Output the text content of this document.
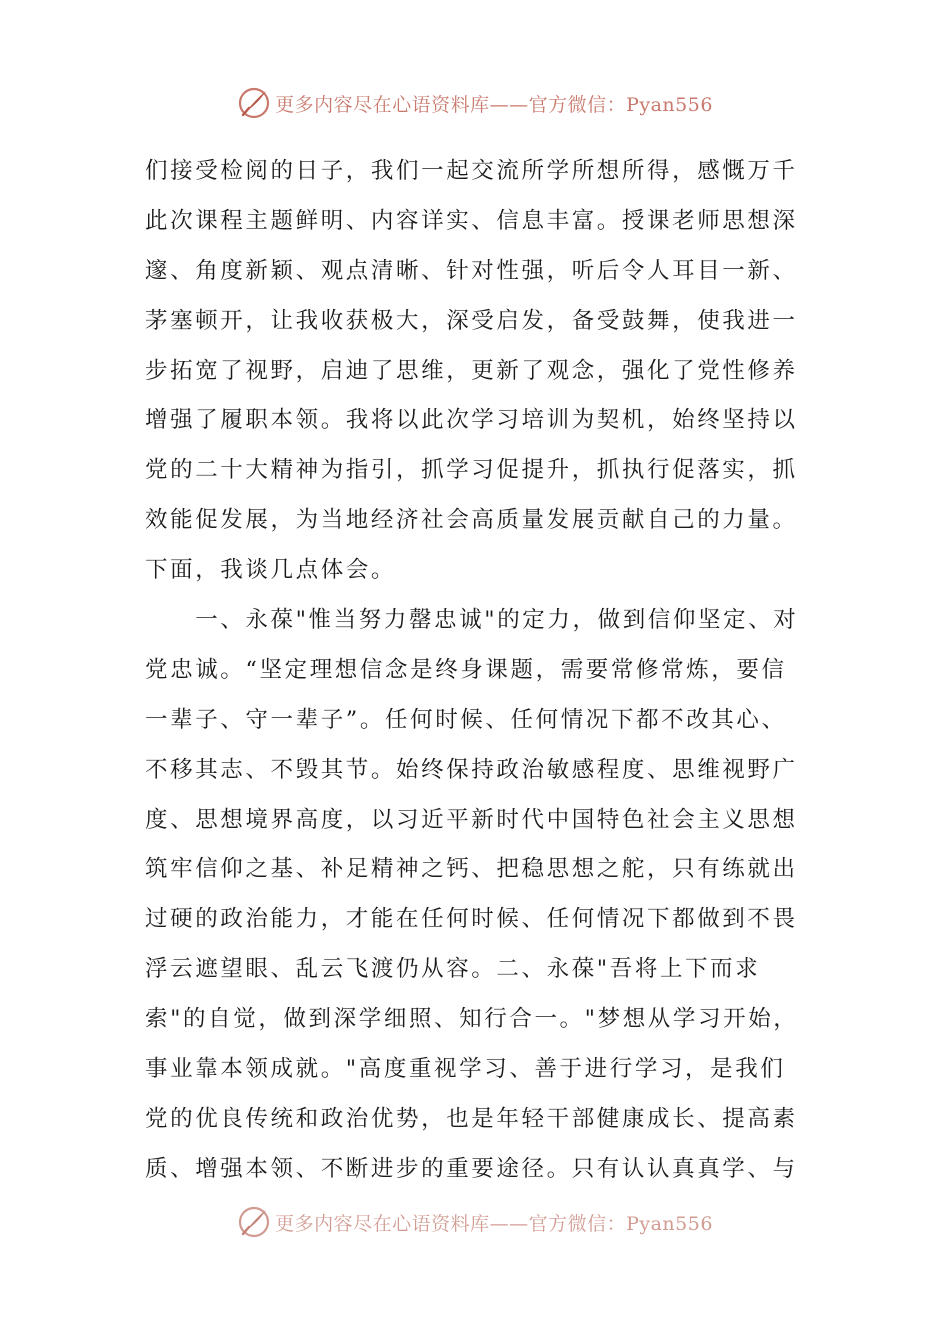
更多内容尽在心语资料库——官方微信：Pyan556
们接受检阅的日子，我们一起交流所学所想所得，感慨万千
此次课程主题鲜明、内容详实、信息丰富。授课老师思想深
邃、角度新颖、观点清晰、针对性强，听后令人耳目一新、
茅塞顿开，让我收获极大，深受启发，备受鼓舞，使我进一
步拓宽了视野，启迪了思维，更新了观念，强化了党性修养
增强了履职本领。我将以此次学习培训为契机，始终坚持以
党的二十大精神为指引，抓学习促提升，抓执行促落实，抓
效能促发展，为当地经济社会高质量发展贡献自己的力量。
下面，我谈几点体会。
　　一、永葆"惟当努力罄忠诚"的定力，做到信仰坚定、对
党忠诚。“坚定理想信念是终身课题，需要常修常炼，要信
一辈子、守一辈子”。任何时候、任何情况下都不改其心、
不移其志、不毁其节。始终保持政治敏感程度、思维视野广
度、思想境界高度，以习近平新时代中国特色社会主义思想
筑牢信仰之基、补足精神之钙、把稳思想之舵，只有练就出
过硬的政治能力，才能在任何时候、任何情况下都做到不畏
浮云遮望眼、乱云飞渡仍从容。二、永葆"吾将上下而求
索"的自觉，做到深学细照、知行合一。"梦想从学习开始，
事业靠本领成就。"高度重视学习、善于进行学习，是我们
党的优良传统和政治优势，也是年轻干部健康成长、提高素
质、增强本领、不断进步的重要途径。只有认认真真学、与
更多内容尽在心语资料库——官方微信：Pyan556
